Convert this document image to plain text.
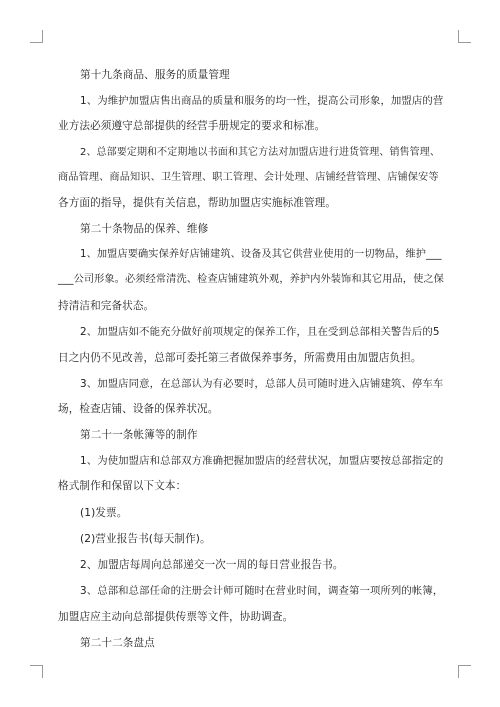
第十九条商品、服务的质量管理
1、为维护加盟店售出商品的质量和服务的均一性，提高公司形象，加盟店的营
业方法必须遵守总部提供的经营手册规定的要求和标准。
2、总部要定期和不定期地以书面和其它方法对加盟店进行进货管理、销售管理、
商品管理、商品知识、卫生管理、职工管理、会计处理、店铺经营管理、店铺保安等
各方面的指导，提供有关信息，帮助加盟店实施标准管理。
第二十条物品的保养、维修
1、加盟店要确实保养好店铺建筑、设备及其它供营业使用的一切物品，维护___
___公司形象。必须经常清洗、检查店铺建筑外观，养护内外装饰和其它用品，使之保
持清洁和完备状态。
2、加盟店如不能充分做好前项规定的保养工作，且在受到总部相关警告后的5
日之内仍不见改善，总部可委托第三者做保养事务，所需费用由加盟店负担。
3、加盟店同意，在总部认为有必要时，总部人员可随时进入店铺建筑、停车车
场，检查店铺、设备的保养状况。
第二十一条帐簿等的制作
1、为使加盟店和总部双方准确把握加盟店的经营状况，加盟店要按总部指定的
格式制作和保留以下文本：
(1)发票。
(2)营业报告书(每天制作)。
2、加盟店每周向总部递交一次一周的每日营业报告书。
3、总部和总部任命的注册会计师可随时在营业时间，调查第一项所列的帐簿，
加盟店应主动向总部提供传票等文件，协助调查。
第二十二条盘点
